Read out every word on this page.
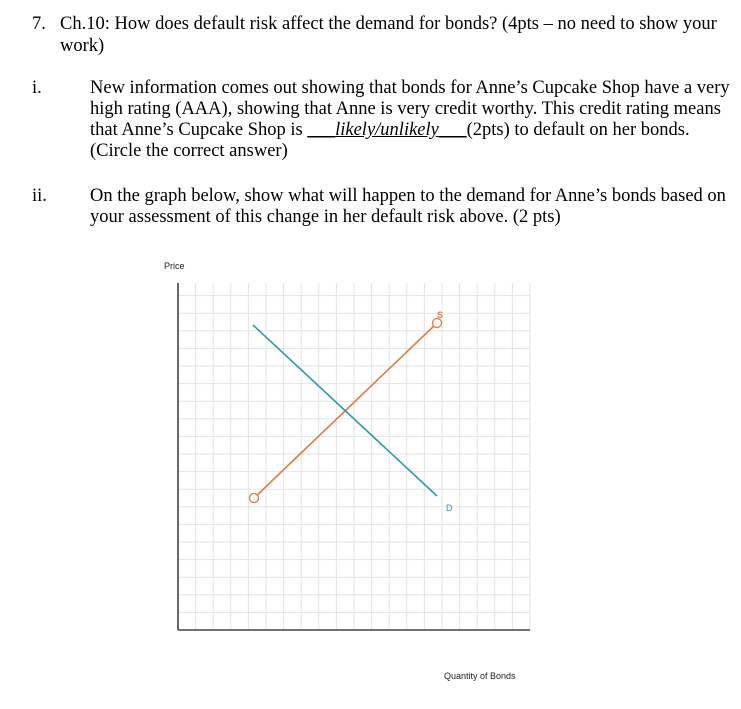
7. Ch.10: How does default risk affect the demand for bonds? (4pts – no need to show your
work)
i.	New information comes out showing that bonds for Anne’s Cupcake Shop have a very high rating (AAA), showing that Anne is very credit worthy. This credit rating means that Anne’s Cupcake Shop is ___likely/unlikely___(2pts) to default on her bonds. (Circle the correct answer)
ii. On the graph below, show what will happen to the demand for Anne’s bonds based on your assessment of this change in her default risk above. (2 pts)
Price
Quantity of Bonds
S
D
